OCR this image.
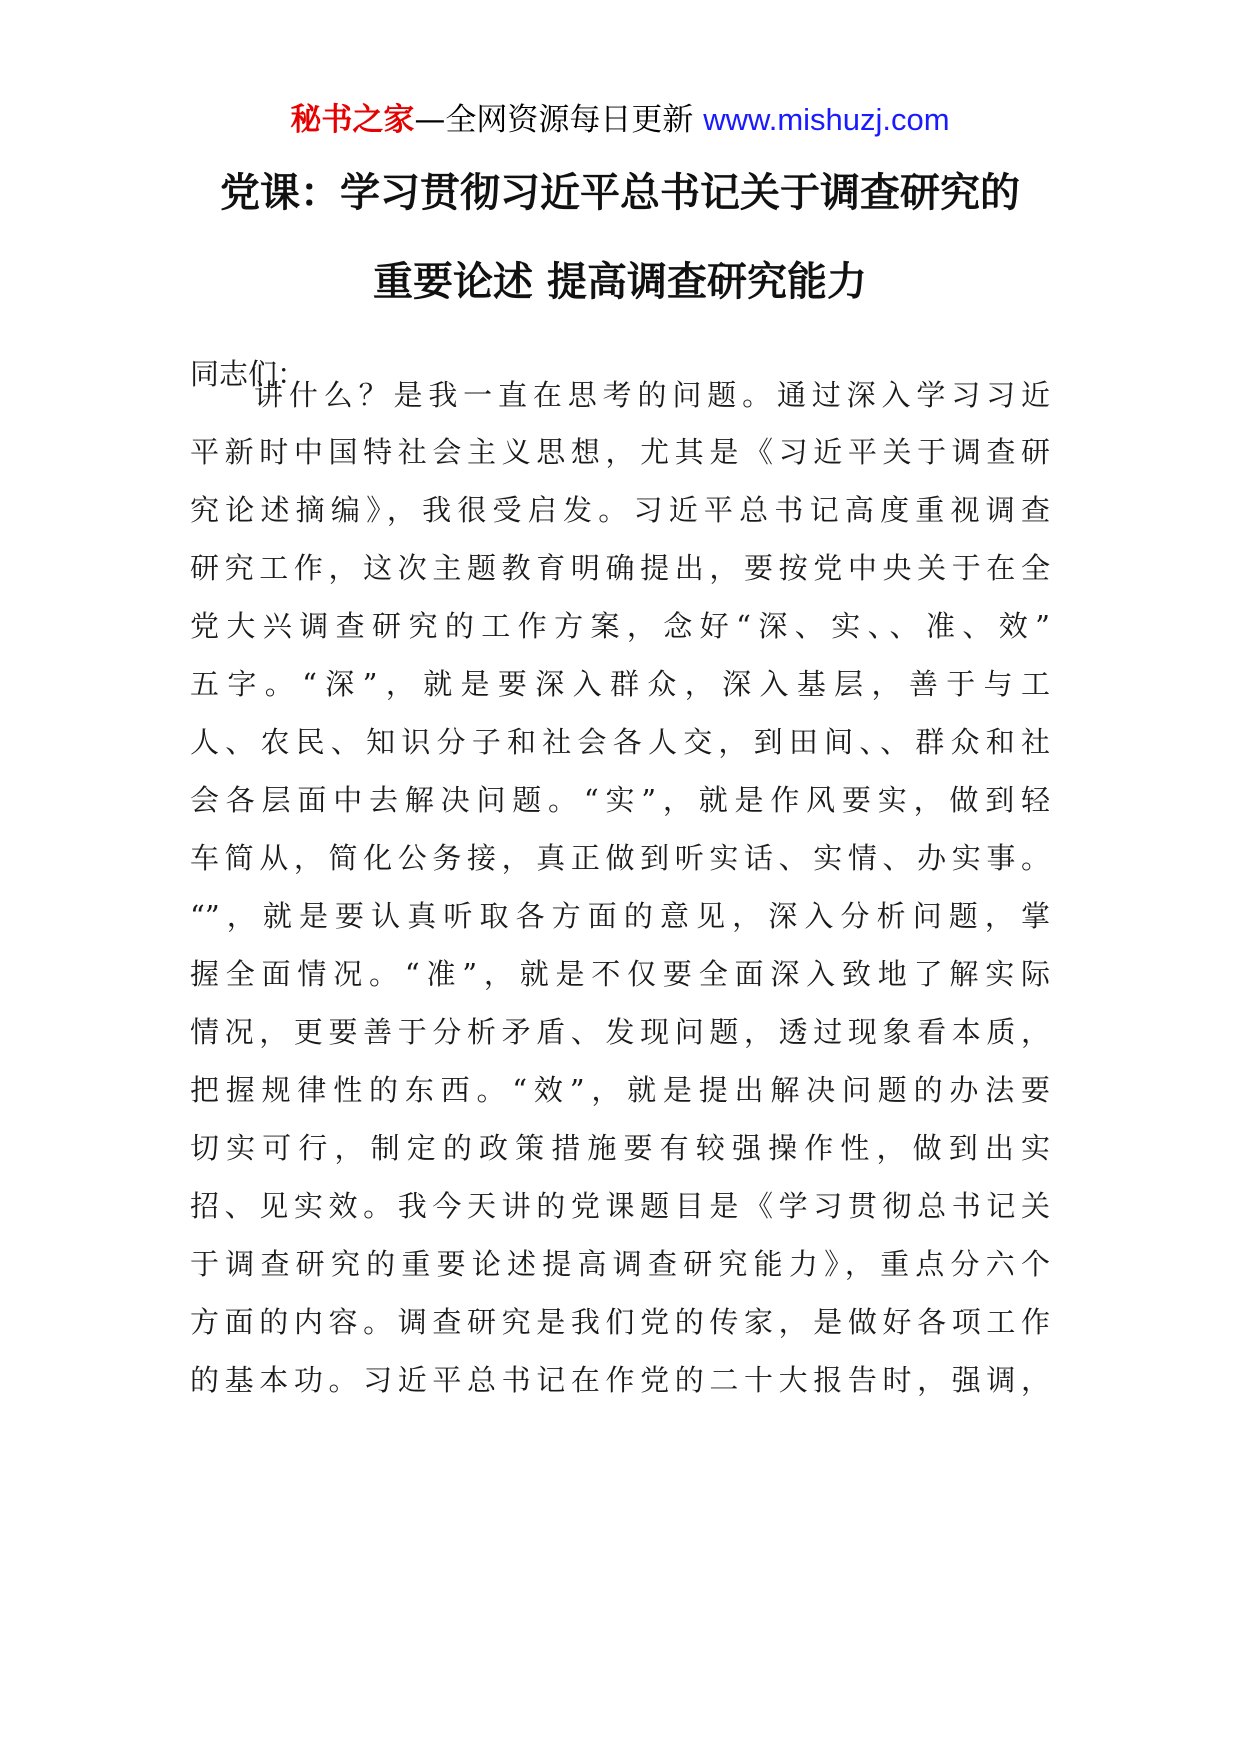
秘书之家—全网资源每日更新 www.mishuzj.com
党课：学习贯彻习近平总书记关于调查研究的
重要论述 提高调查研究能力
同志们：
讲什么？是我一直在思考的问题。通过深入学习习近
平新时中国特社会主义思想，尤其是《习近平关于调查研
究论述摘编》，我很受启发。习近平总书记高度重视调查
研究工作，这次主题教育明确提出，要按党中央关于在全
党大兴调查研究的工作方案，念好“深、实、、准、效”
五字。“深”，就是要深入群众，深入基层，善于与工
人、农民、知识分子和社会各人交，到田间、、群众和社
会各层面中去解决问题。“实”，就是作风要实，做到轻
车简从，简化公务接，真正做到听实话、实情、办实事。
“”，就是要认真听取各方面的意见，深入分析问题，掌
握全面情况。“准”，就是不仅要全面深入致地了解实际
情况，更要善于分析矛盾、发现问题，透过现象看本质，
把握规律性的东西。“效”，就是提出解决问题的办法要
切实可行，制定的政策措施要有较强操作性，做到出实
招、见实效。我今天讲的党课题目是《学习贯彻总书记关
于调查研究的重要论述提高调查研究能力》，重点分六个
方面的内容。调查研究是我们党的传家，是做好各项工作
的基本功。习近平总书记在作党的二十大报告时，强调，
